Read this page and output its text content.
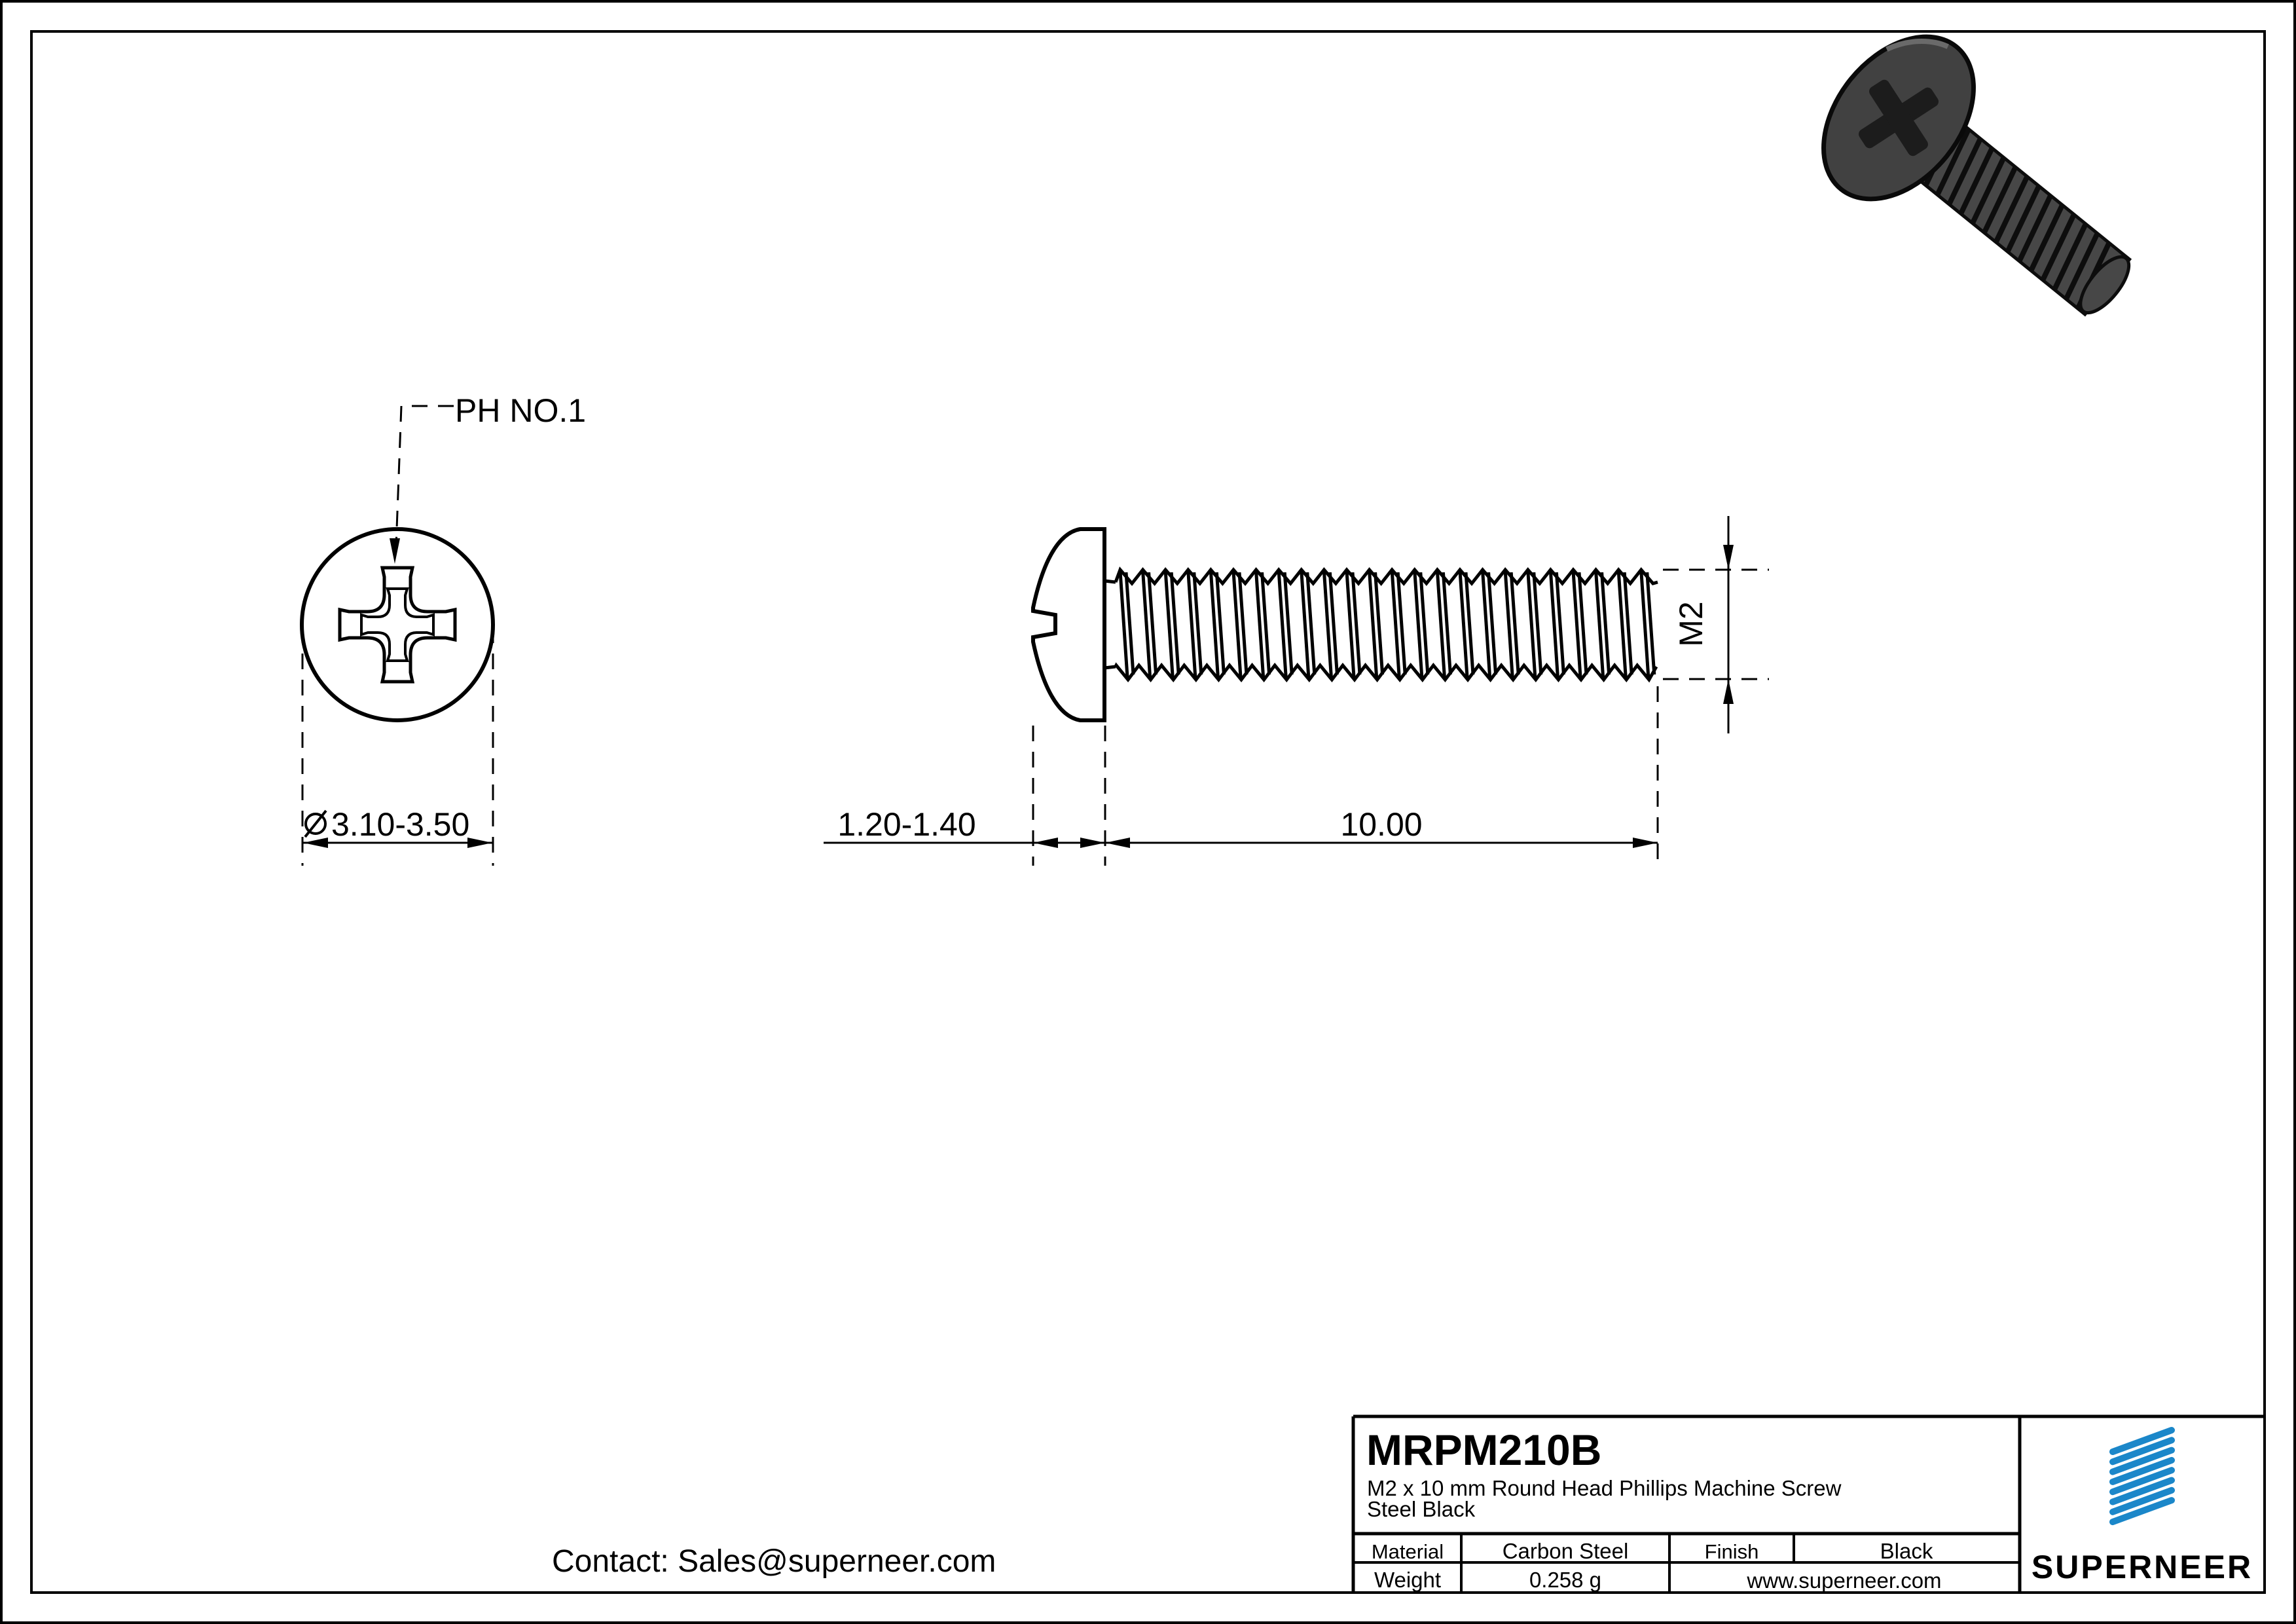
PH NO.1
3.10-3.50	1.20-1.40	10.00
M2
MRPM210B
M2 x 10 mm Round Head Phillips Machine Screw
Steel Black
Material	Carbon Steel	Finish	Black
Weight	0.258 g	www.superneer.com	SUPERNEER
Contact: Sales@superneer.com
